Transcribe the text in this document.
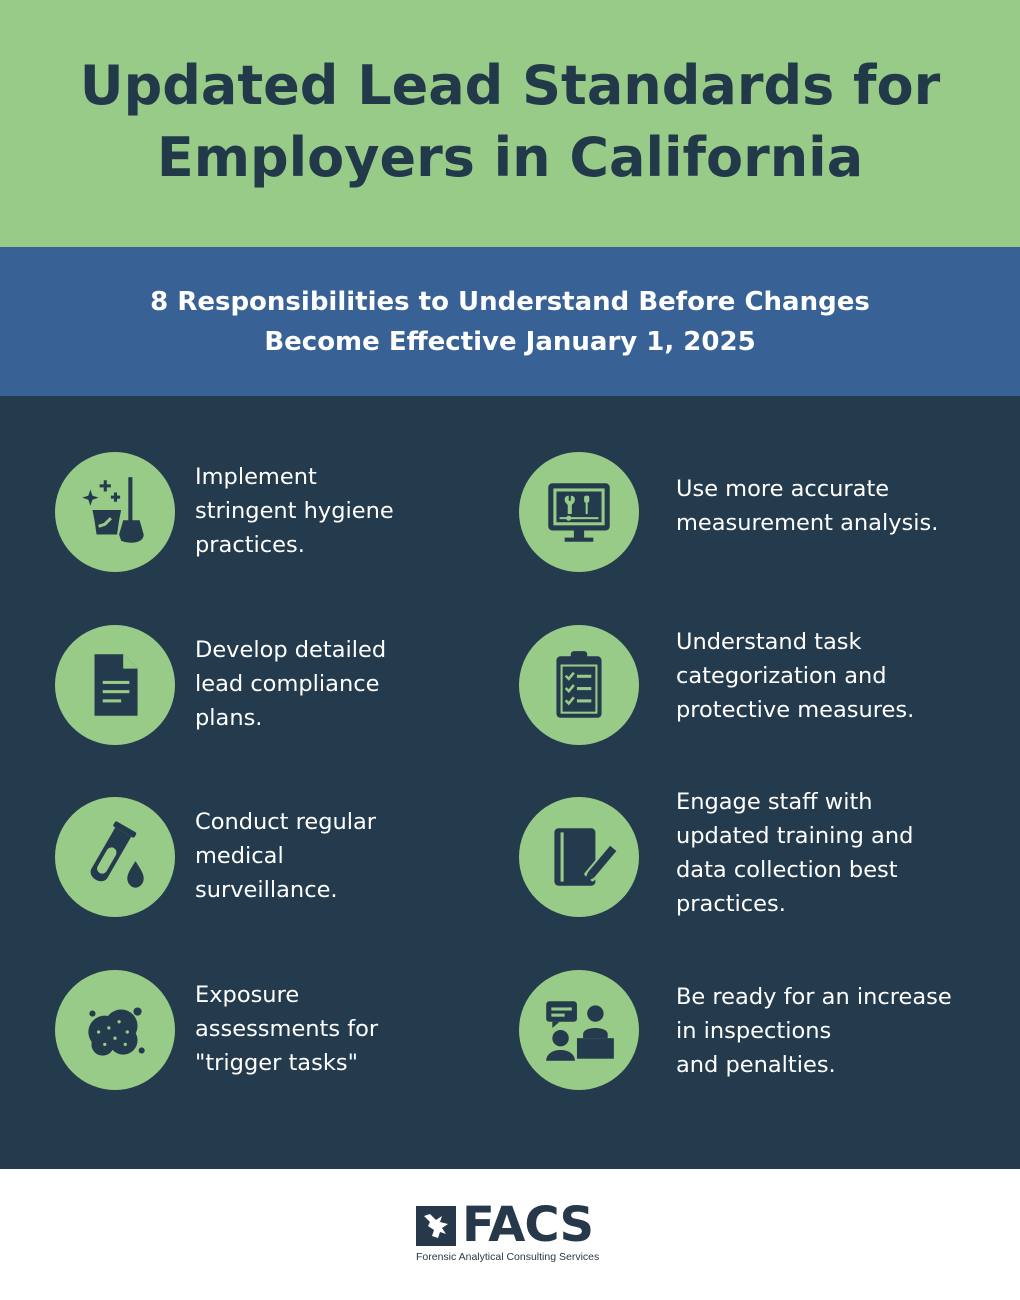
Updated Lead Standards for
Employers in California
8 Responsibilities to Understand Before Changes
Become Effective January 1, 2025

Implement
stringent hygiene
practices.

Use more accurate
measurement analysis.

Develop detailed
lead compliance
plans.

Understand task
categorization and
protective measures.

Conduct regular
medical
surveillance.

Engage staff with
updated training and
data collection best
practices.

Exposure
assessments for
"trigger tasks"

Be ready for an increase
in inspections
and penalties.

FACS
Forensic Analytical Consulting Services
